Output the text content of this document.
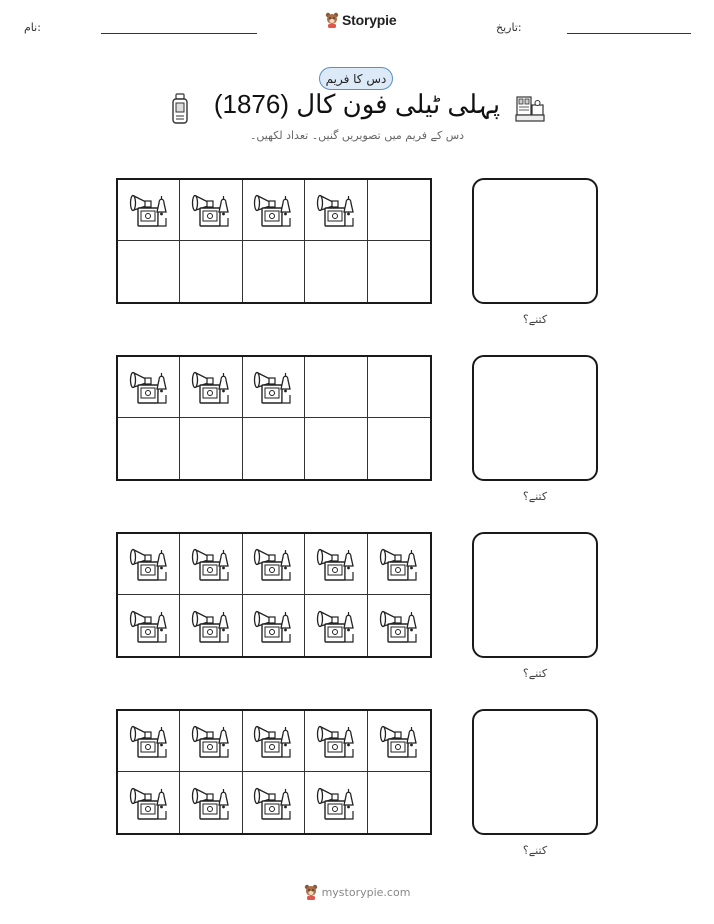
نام:	Storypie	تاریخ:
دس کا فریم
پہلی ٹیلی فون کال (1876)
دس کے فریم میں تصویریں گنیں۔ تعداد لکھیں۔
کتنے؟
کتنے؟
کتنے؟
کتنے؟
mystorypie.com
